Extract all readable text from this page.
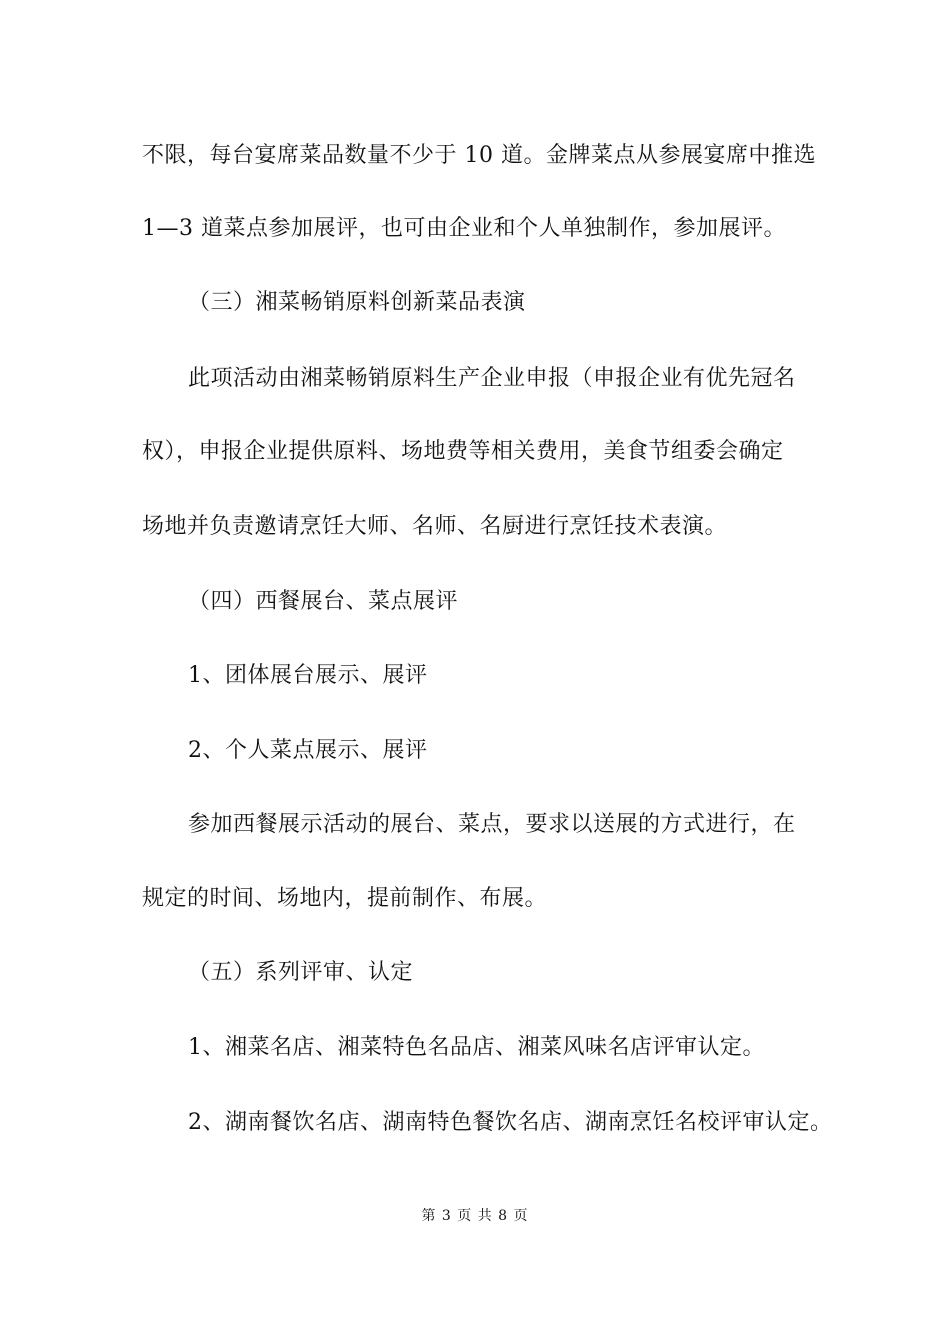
不限，每台宴席菜品数量不少于 10 道。金牌菜点从参展宴席中推选
1—3 道菜点参加展评，也可由企业和个人单独制作，参加展评。
（三）湘菜畅销原料创新菜品表演
此项活动由湘菜畅销原料生产企业申报（申报企业有优先冠名
权），申报企业提供原料、场地费等相关费用，美食节组委会确定
场地并负责邀请烹饪大师、名师、名厨进行烹饪技术表演。
（四）西餐展台、菜点展评
1、团体展台展示、展评
2、个人菜点展示、展评
参加西餐展示活动的展台、菜点，要求以送展的方式进行，在
规定的时间、场地内，提前制作、布展。
（五）系列评审、认定
1、湘菜名店、湘菜特色名品店、湘菜风味名店评审认定。
2、湖南餐饮名店、湖南特色餐饮名店、湖南烹饪名校评审认定。
第 3 页 共 8 页
